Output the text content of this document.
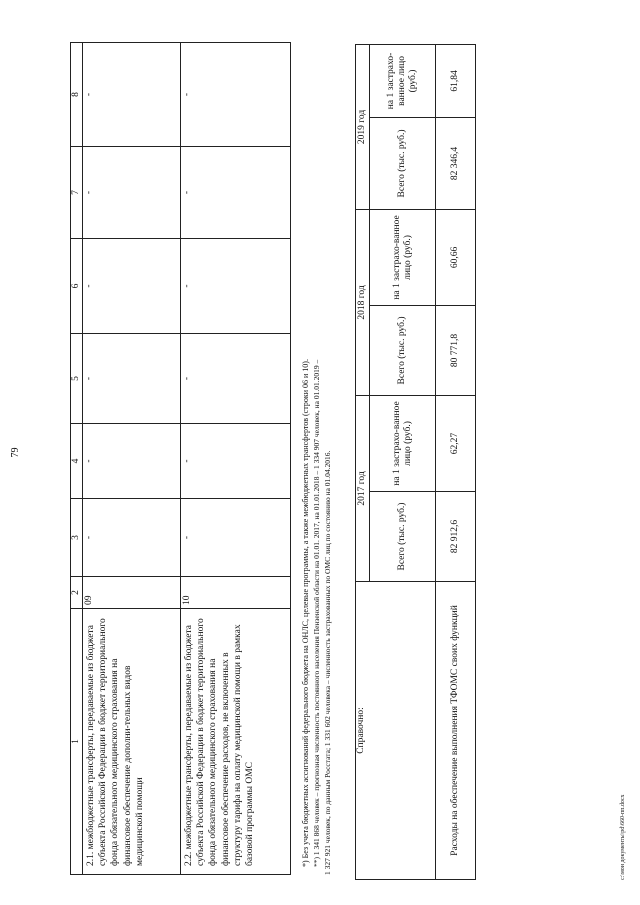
79
1	2	3	4	5	6	7	8
2.1. межбюджетные трансферты, передаваемые из бюджета субъекта Российской Федерации в бюджет территориального фонда обязательного медицинского страхования на финансовое обеспечение дополни-тельных видов медицинской помощи	09	-	-	-	-	-	-
2.2. межбюджетные трансферты, передаваемые из бюджета субъекта Российской Федерации в бюджет территориального фонда обязательного медицинского страхования на финансовое обеспечение расходов, не включенных в структуру тарифа на оплату медицинской помощи в рамках базовой программы ОМС	10	-	-	-	-	-	-
*) Без учета бюджетных ассигнований федерального бюджета на ОНЛС, целевые программы, а также межбюджетных трансфертов (строки 06 и 10). **) 1 341 868 человек – прогнозная численность постоянного населения Пензенской области на 01.01. 2017, на 01.01.2018 – 1 334 907 человек, на 01.01.2019 – 1 327 921 человек, по данным Росстата; 1 331 602 человека – численность застрахованных по ОМС лиц по состоянию на 01.04.2016.	Справочно:	2017 год		2018 год		2019 год	
	Всего (тыс. руб.)	на 1 застрахо-ванное лицо (руб.)	Всего (тыс. руб.)	на 1 застрахо-ванное лицо (руб.)	Всего (тыс. руб.)	на 1 застрахо-ванное лицо (руб.)
Расходы на обеспечение выполнения ТФОМС своих функций	82 912,6	62,27	80 771,8	60,66	82 346,4	61,84
c:\мои документы\pd\660-пп.docx
